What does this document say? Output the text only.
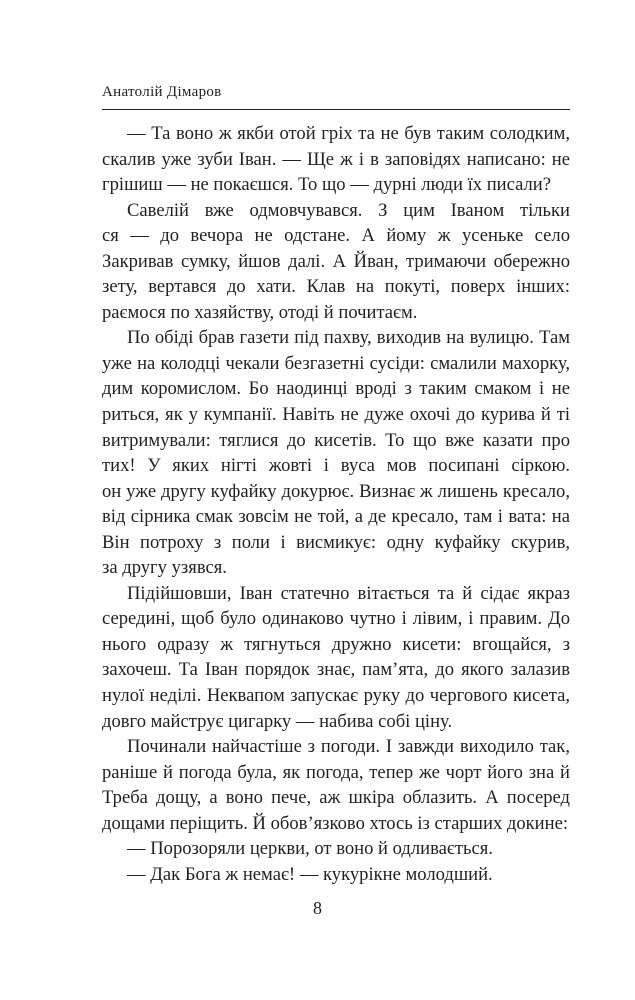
Анатолій Дімаров
— Та воно ж якби отой гріх та не був таким солодким,
скалив уже зуби Іван. — Ще ж і в заповідях написано: не
грішиш — не покаєшся. То що — дурні люди їх писали?
Савелій вже одмовчувався. З цим Іваном тільки
ся — до вечора не одстане. А йому ж усеньке село
Закривав сумку, йшов далі. А Йван, тримаючи обережно
зету, вертався до хати. Клав на покуті, поверх інших:
раємося по хазяйству, отоді й почитаєм.
По обіді брав газети під пахву, виходив на вулицю. Там
уже на колодці чекали безгазетні сусіди: смалили махорку,
дим коромислом. Бо наодинці вроді з таким смаком і не
риться, як у кумпанії. Навіть не дуже охочі до курива й ті
витримували: тяглися до кисетів. То що вже казати про
тих! У яких нігті жовті і вуса мов посипані сіркою.
он уже другу куфайку докурює. Визнає ж лишень кресало,
від сірника смак зовсім не той, а де кресало, там і вата: на
Він потроху з поли і висмикує: одну куфайку скурив,
за другу узявся.
Підійшовши, Іван статечно вітається та й сідає якраз
середині, щоб було одинаково чутно і лівим, і правим. До
нього одразу ж тягнуться дружно кисети: вгощайся, з
захочеш. Та Іван порядок знає, пам’ята, до якого залазив
нулої неділі. Неквапом запускає руку до чергового кисета,
довго майструє цигарку — набива собі ціну.
Починали найчастіше з погоди. І завжди виходило так,
раніше й погода була, як погода, тепер же чорт його зна й
Треба дощу, а воно пече, аж шкіра облазить. А посеред
дощами періщить. Й обов’язково хтось із старших докине:
— Порозоряли церкви, от воно й одливається.
— Дак Бога ж немає! — кукурікне молодший.
8
